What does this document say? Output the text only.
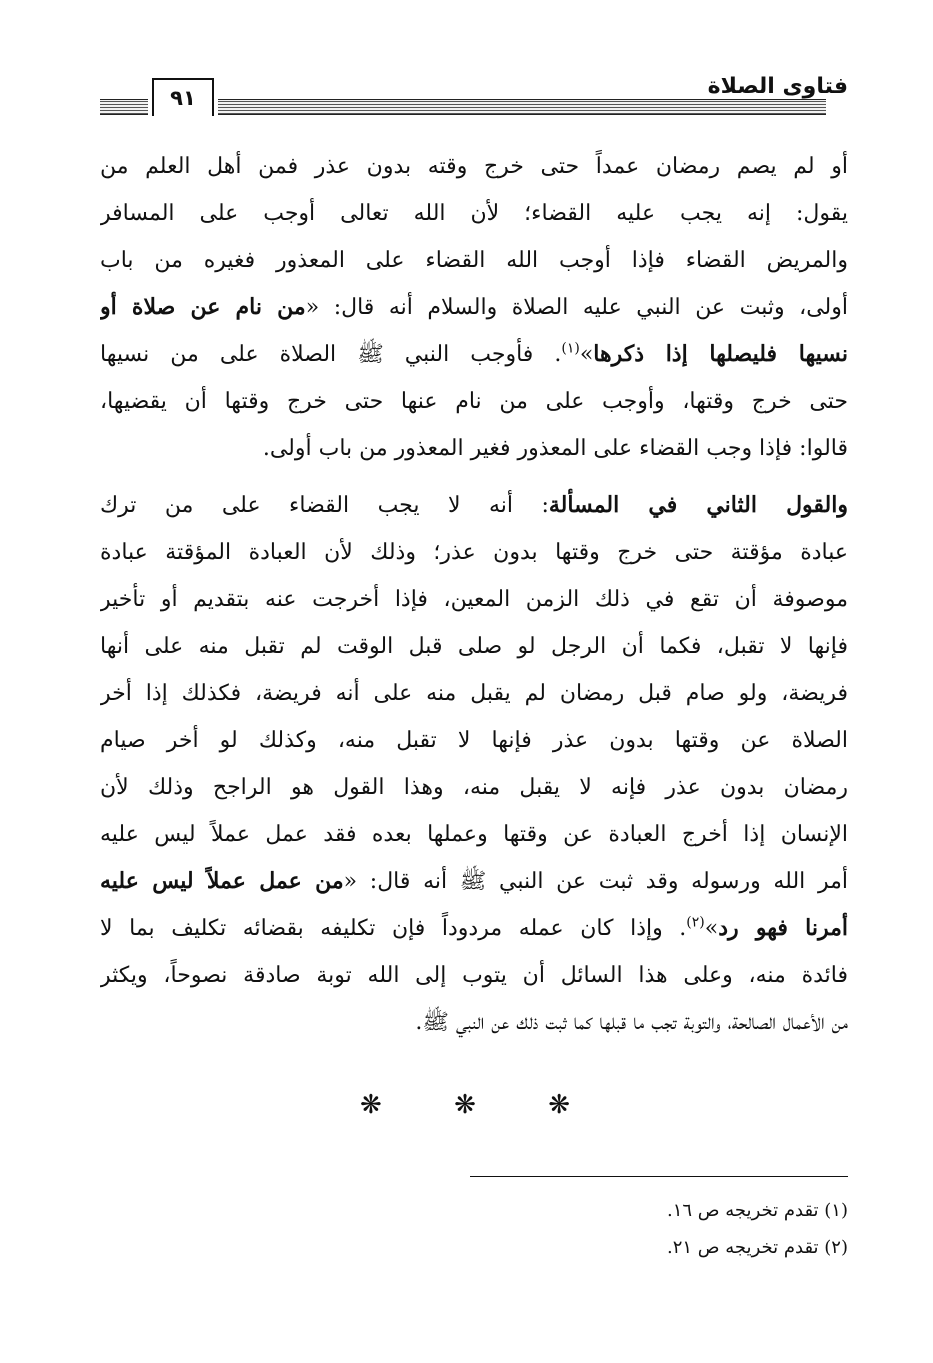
٩١	فتاوى الصلاة
أو لم يصم رمضان عمداً حتى خرج وقته بدون عذر فمن أهل العلم من
يقول: إنه يجب عليه القضاء؛ لأن الله تعالى أوجب على المسافر
والمريض القضاء فإذا أوجب الله القضاء على المعذور فغيره من باب
أولى، وثبت عن النبي عليه الصلاة والسلام أنه قال: «من نام عن صلاة أو
نسيها فليصلها إذا ذكرها»$^{(١)}$. فأوجب النبي ﷺ الصلاة على من نسيها
حتى خرج وقتها، وأوجب على من نام عنها حتى خرج وقتها أن يقضيها،
قالوا: فإذا وجب القضاء على المعذور فغير المعذور من باب أولى.
والقول الثاني في المسألة: أنه لا يجب القضاء على من ترك
عبادة مؤقتة حتى خرج وقتها بدون عذر؛ وذلك لأن العبادة المؤقتة عبادة
موصوفة أن تقع في ذلك الزمن المعين، فإذا أخرجت عنه بتقديم أو تأخير
فإنها لا تقبل، فكما أن الرجل لو صلى قبل الوقت لم تقبل منه على أنها
فريضة، ولو صام قبل رمضان لم يقبل منه على أنه فريضة، فكذلك إذا أخر
الصلاة عن وقتها بدون عذر فإنها لا تقبل منه، وكذلك لو أخر صيام
رمضان بدون عذر فإنه لا يقبل منه، وهذا القول هو الراجح وذلك لأن
الإنسان إذا أخرج العبادة عن وقتها وعملها بعده فقد عمل عملاً ليس عليه
أمر الله ورسوله وقد ثبت عن النبي ﷺ أنه قال: «من عمل عملاً ليس عليه
أمرنا فهو رد»$^{(٢)}$. وإذا كان عمله مردوداً فإن تكليفه بقضائه تكليف بما لا
فائدة منه، وعلى هذا السائل أن يتوب إلى الله توبة صادقة نصوحاً، ويكثر
من الأعمال الصالحة، والتوبة تجب ما قبلها كما ثبت ذلك عن النبي ﷺ.
❋	❋	❋
(١) تقدم تخريجه ص ١٦.
(٢) تقدم تخريجه ص ٢١.
